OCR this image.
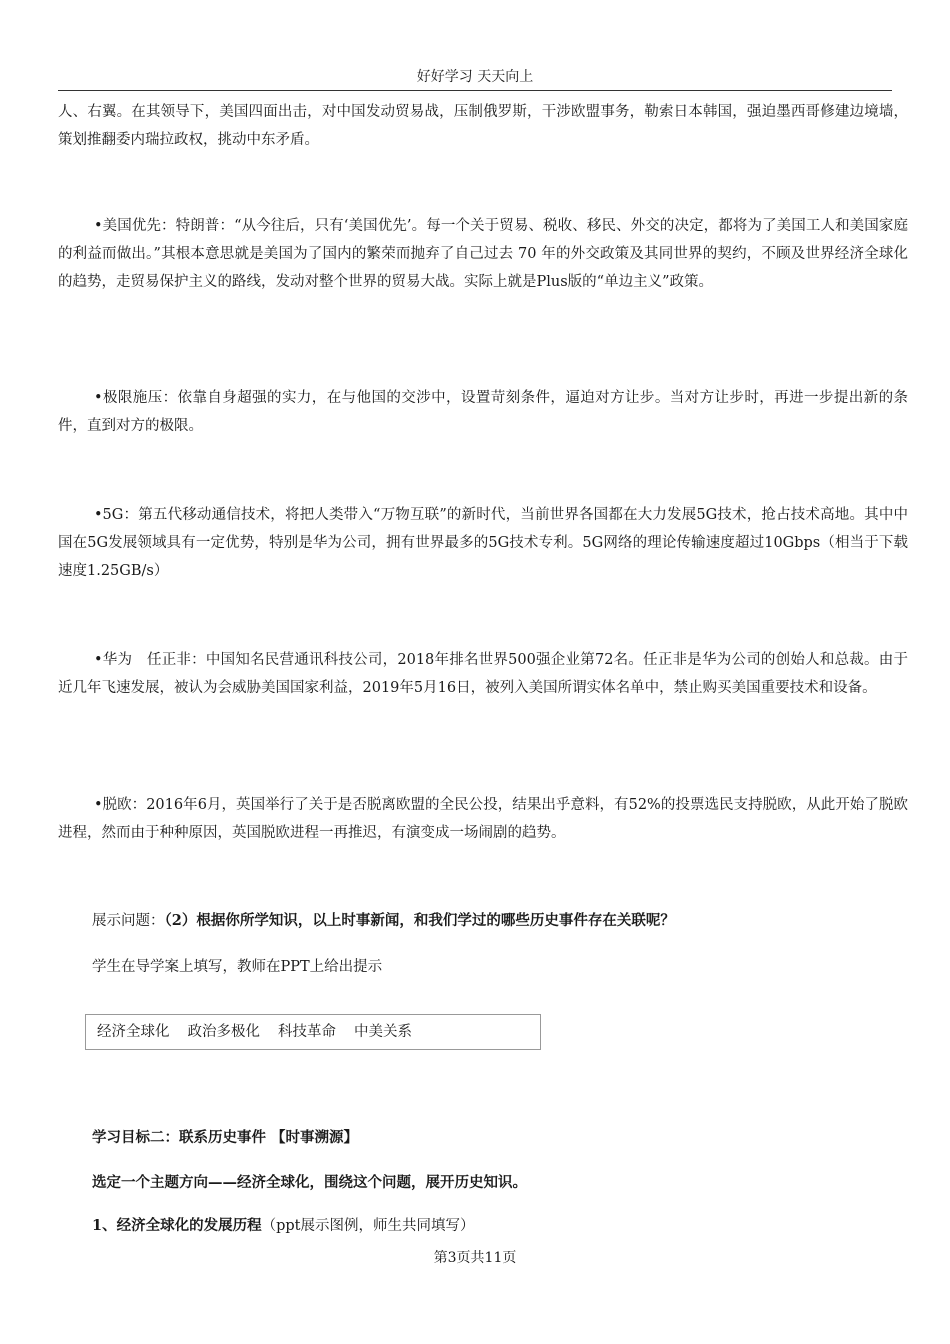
好好学习 天天向上

人、右翼。在其领导下，美国四面出击，对中国发动贸易战，压制俄罗斯，干涉欧盟事务，勒索日本韩国，强迫墨西哥修建边境墙，策划推翻委内瑞拉政权，挑动中东矛盾。

•美国优先：特朗普：“从今往后，只有‘美国优先’。每一个关于贸易、税收、移民、外交的决定，都将为了美国工人和美国家庭的利益而做出。”其根本意思就是美国为了国内的繁荣而抛弃了自己过去 70 年的外交政策及其同世界的契约，不顾及世界经济全球化的趋势，走贸易保护主义的路线，发动对整个世界的贸易大战。实际上就是Plus版的“单边主义”政策。

•极限施压：依靠自身超强的实力，在与他国的交涉中，设置苛刻条件，逼迫对方让步。当对方让步时，再进一步提出新的条件，直到对方的极限。

•5G：第五代移动通信技术，将把人类带入“万物互联”的新时代，当前世界各国都在大力发展5G技术，抢占技术高地。其中中国在5G发展领域具有一定优势，特别是华为公司，拥有世界最多的5G技术专利。5G网络的理论传输速度超过10Gbps（相当于下载速度1.25GB/s）

•华为　任正非：中国知名民营通讯科技公司，2018年排名世界500强企业第72名。任正非是华为公司的创始人和总裁。由于近几年飞速发展，被认为会威胁美国国家利益，2019年5月16日，被列入美国所谓实体名单中，禁止购买美国重要技术和设备。

•脱欧：2016年6月，英国举行了关于是否脱离欧盟的全民公投，结果出乎意料，有52%的投票选民支持脱欧，从此开始了脱欧进程，然而由于种种原因，英国脱欧进程一再推迟，有演变成一场闹剧的趋势。

展示问题：（2）根据你所学知识，以上时事新闻，和我们学过的哪些历史事件存在关联呢？

学生在导学案上填写，教师在PPT上给出提示

经济全球化 政治多极化 科技革命 中美关系

学习目标二：联系历史事件 【时事溯源】

选定一个主题方向——经济全球化，围绕这个问题，展开历史知识。

1、经济全球化的发展历程（ppt展示图例，师生共同填写）

第3页共11页
